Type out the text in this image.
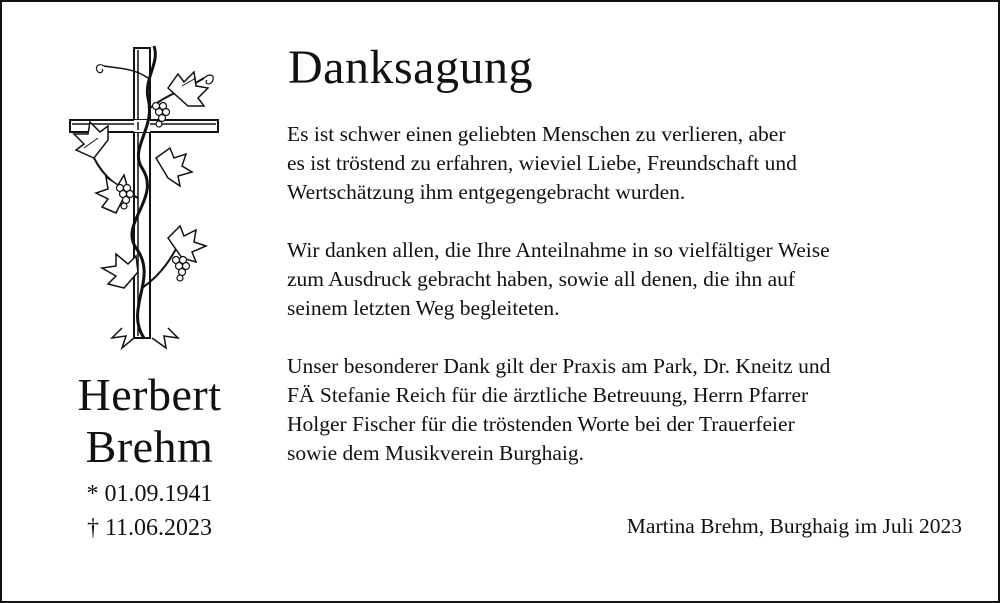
Herbert
Brehm
* 01.09.1941
† 11.06.2023
Danksagung
Es ist schwer einen geliebten Menschen zu verlieren, aber
es ist tröstend zu erfahren, wieviel Liebe, Freundschaft und
Wertschätzung ihm entgegengebracht wurden.
Wir danken allen, die Ihre Anteilnahme in so vielfältiger Weise
zum Ausdruck gebracht haben, sowie all denen, die ihn auf
seinem letzten Weg begleiteten.
Unser besonderer Dank gilt der Praxis am Park, Dr. Kneitz und
FÄ Stefanie Reich für die ärztliche Betreuung, Herrn Pfarrer
Holger Fischer für die tröstenden Worte bei der Trauerfeier
sowie dem Musikverein Burghaig.
Martina Brehm, Burghaig im Juli 2023
